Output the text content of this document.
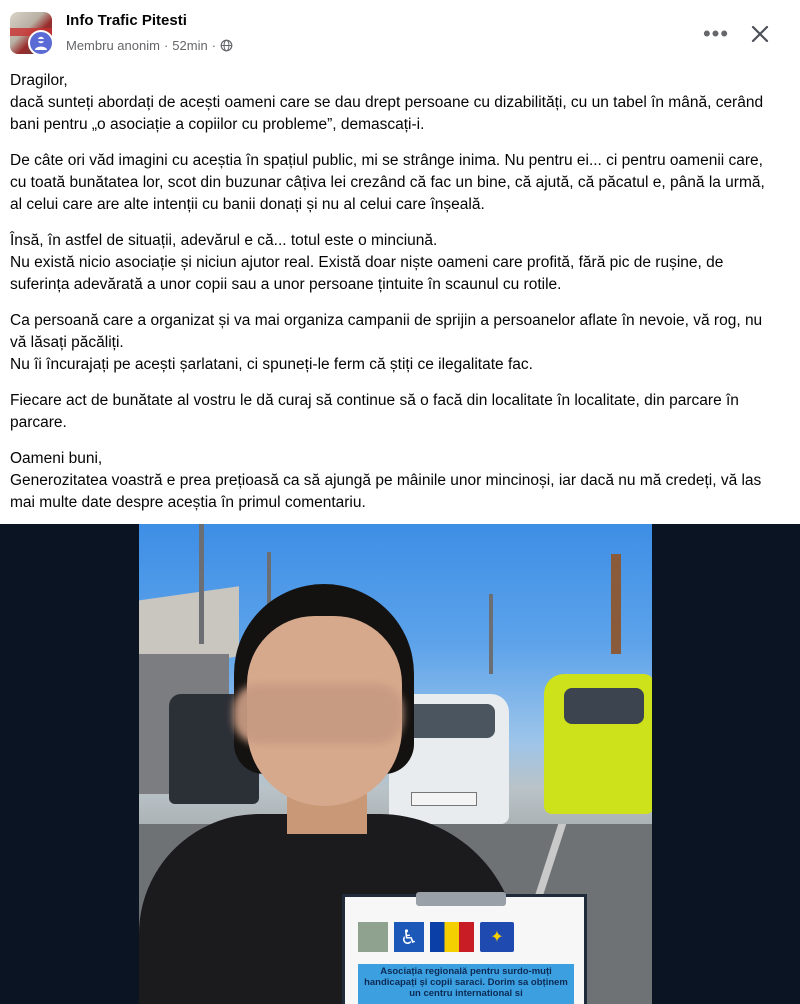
Info Trafic Pitesti
Membru anonim · 52min ·	•••

Dragilor,
dacă sunteți abordați de acești oameni care se dau drept persoane cu dizabilități, cu un tabel în mână, cerând bani pentru „o asociație a copiilor cu probleme”, demascați-i.

De câte ori văd imagini cu aceștia în spațiul public, mi se strânge inima. Nu pentru ei... ci pentru oamenii care, cu toată bunătatea lor, scot din buzunar câțiva lei crezând că fac un bine, că ajută, că păcatul e, până la urmă, al celui care are alte intenții cu banii donați și nu al celui care înșeală.

Însă, în astfel de situații, adevărul e că... totul este o minciună.
Nu există nicio asociație și niciun ajutor real. Există doar niște oameni care profită, fără pic de rușine, de suferința adevărată a unor copii sau a unor persoane țintuite în scaunul cu rotile.

Ca persoană care a organizat și va mai organiza campanii de sprijin a persoanelor aflate în nevoie, vă rog, nu vă lăsați păcăliți.
Nu îi încurajați pe acești șarlatani, ci spuneți-le ferm că știți ce ilegalitate fac.

Fiecare act de bunătate al vostru le dă curaj să continue să o facă din localitate în localitate, din parcare în parcare.

Oameni buni,
Generozitatea voastră e prea prețioasă ca să ajungă pe mâinile unor mincinoși, iar dacă nu mă credeți, vă las mai multe date despre aceștia în primul comentariu.

♿	✦
Asociația regională pentru surdo-muți handicapați și copii saraci. Dorim sa obținem un centru international si
